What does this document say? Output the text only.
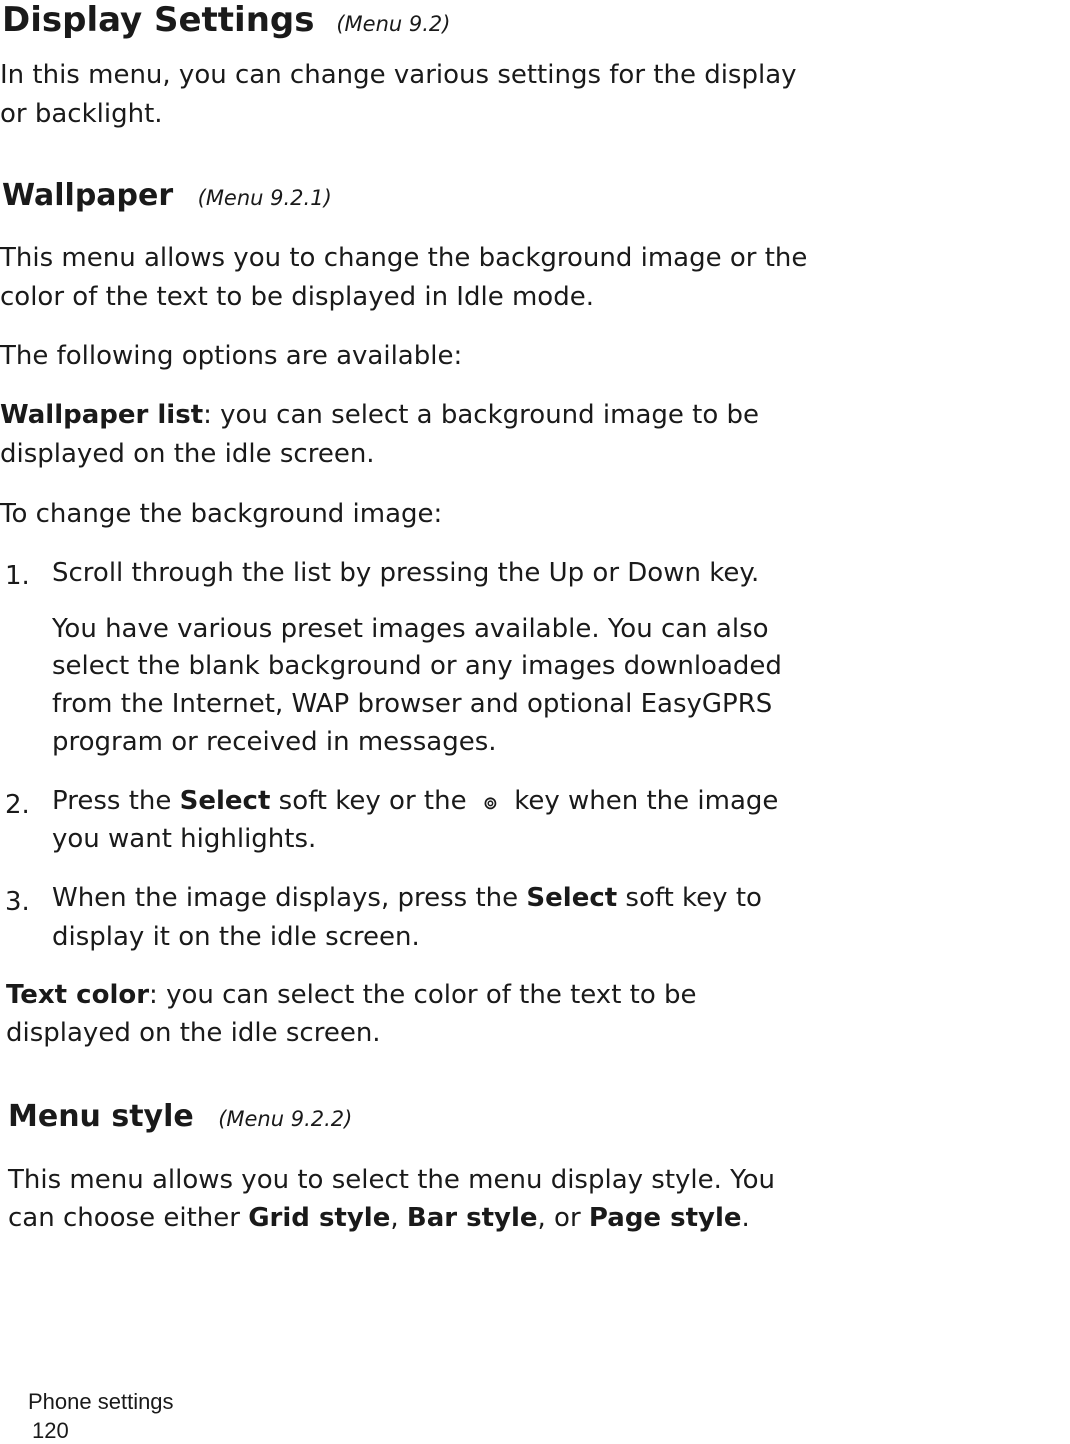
Display Settings (Menu 9.2)
In this menu, you can change various settings for the display
or backlight.
Wallpaper (Menu 9.2.1)
This menu allows you to change the background image or the
color of the text to be displayed in Idle mode.
The following options are available:
Wallpaper list: you can select a background image to be
displayed on the idle screen.
To change the background image:
1. Scroll through the list by pressing the Up or Down key.
You have various preset images available. You can also
select the blank background or any images downloaded
from the Internet, WAP browser and optional EasyGPRS
program or received in messages.
2. Press the Select soft key or the ⊚ key when the image
you want highlights.
3. When the image displays, press the Select soft key to
display it on the idle screen.
Text color: you can select the color of the text to be
displayed on the idle screen.
Menu style (Menu 9.2.2)
This menu allows you to select the menu display style. You
can choose either Grid style, Bar style, or Page style.
Phone settings
120
